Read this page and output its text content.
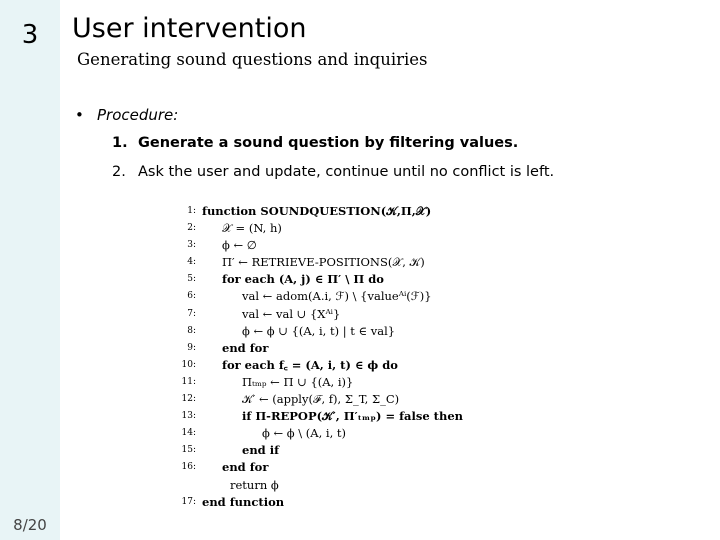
3
8/20
User intervention
Generating sound questions and inquiries
• Procedure:
1. Generate a sound question by filtering values.
2. Ask the user and update, continue until no conflict is left.
1: function SOUNDQUESTION(𝒦,Π,𝒳)
2:	𝒳 = (N, h)
3:	ϕ ← ∅
4:	Π′ ← RETRIEVE-POSITIONS(𝒳, 𝒦)
5:	for each (A, j) ∈ Π′ \ Π do
6:	val ← adom(A.i, ℱ) \ {valueᴬⁱ(ℱ)}
7:	val ← val ∪ {Xᴬⁱ}
8:	ϕ ← ϕ ∪ {(A, i, t) | t ∈ val}
9:	end for
10:	for each f꜀ = (A, i, t) ∈ ϕ do
11:	Πₜₘₚ ← Π ∪ {(A, i)}
12:	𝒦′ ← (apply(ℱ, f), Σ_T, Σ_C)
13:	if Π-REPOP(𝒦′, Π′ₜₘₚ) = false then
14:	ϕ ← ϕ \ (A, i, t)
15:	end if
16:	end for
return ϕ
17: end function
